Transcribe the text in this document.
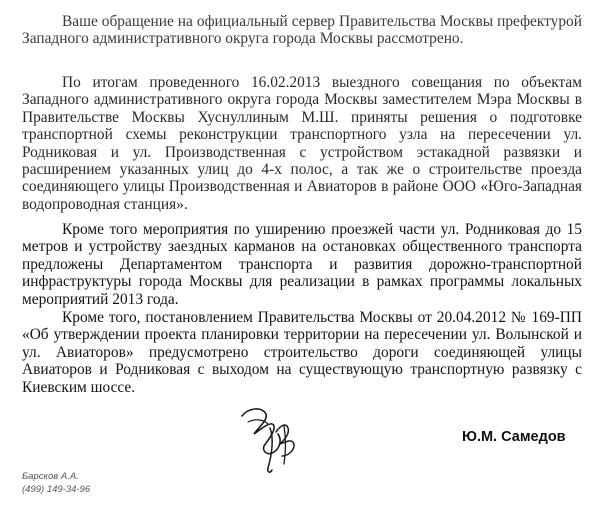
Ваше обращение на официальный сервер Правительства Москвы префектурой Западного административного округа города Москвы рассмотрено.

По итогам проведенного 16.02.2013 выездного совещания по объектам Западного административного округа города Москвы заместителем Мэра Москвы в Правительстве Москвы Хуснуллиным М.Ш. приняты решения о подготовке транспортной схемы реконструкции транспортного узла на пересечении ул. Родниковая и ул. Производственная с устройством эстакадной развязки и расширением указанных улиц до 4-х полос, а так же о строительстве проезда соединяющего улицы Производственная и Авиаторов в районе ООО «Юго-Западная водопроводная станция».

Кроме того мероприятия по уширению проезжей части ул. Родниковая до 15 метров и устройству заездных карманов на остановках общественного транспорта предложены Департаментом транспорта и развития дорожно-транспортной инфраструктуры города Москвы для реализации в рамках программы локальных мероприятий 2013 года.

Кроме того, постановлением Правительства Москвы от 20.04.2012 № 169-ПП «Об утверждении проекта планировки территории на пересечении ул. Волынской и ул. Авиаторов» предусмотрено строительство дороги соединяющей улицы Авиаторов и Родниковая с выходом на существующую транспортную развязку с Киевским шоссе.

Ю.М. Самедов

Барсков А.А.
(499) 149-34-96
